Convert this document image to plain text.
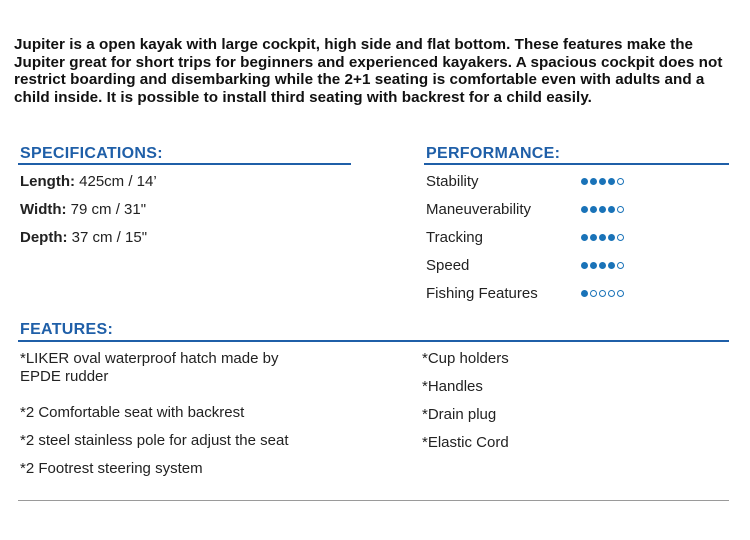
Jupiter is a open kayak with large cockpit, high side and flat bottom. These features make the Jupiter great for short trips for beginners and experienced kayakers. A spacious cockpit does not restrict boarding and disembarking while the 2+1 seating is comfortable even with adults and a child inside. It is possible to install third seating with backrest for a child easily.
SPECIFICATIONS:
Length: 425cm / 14’
Width: 79 cm / 31"
Depth: 37 cm / 15"
PERFORMANCE:
Stability
Maneuverability
Tracking
Speed
Fishing Features
FEATURES:
*LIKER oval waterproof hatch made by EPDE rudder
*2 Comfortable seat with backrest
*2 steel stainless pole for adjust the seat
*2 Footrest steering system
*Cup holders
*Handles
*Drain plug
*Elastic Cord
